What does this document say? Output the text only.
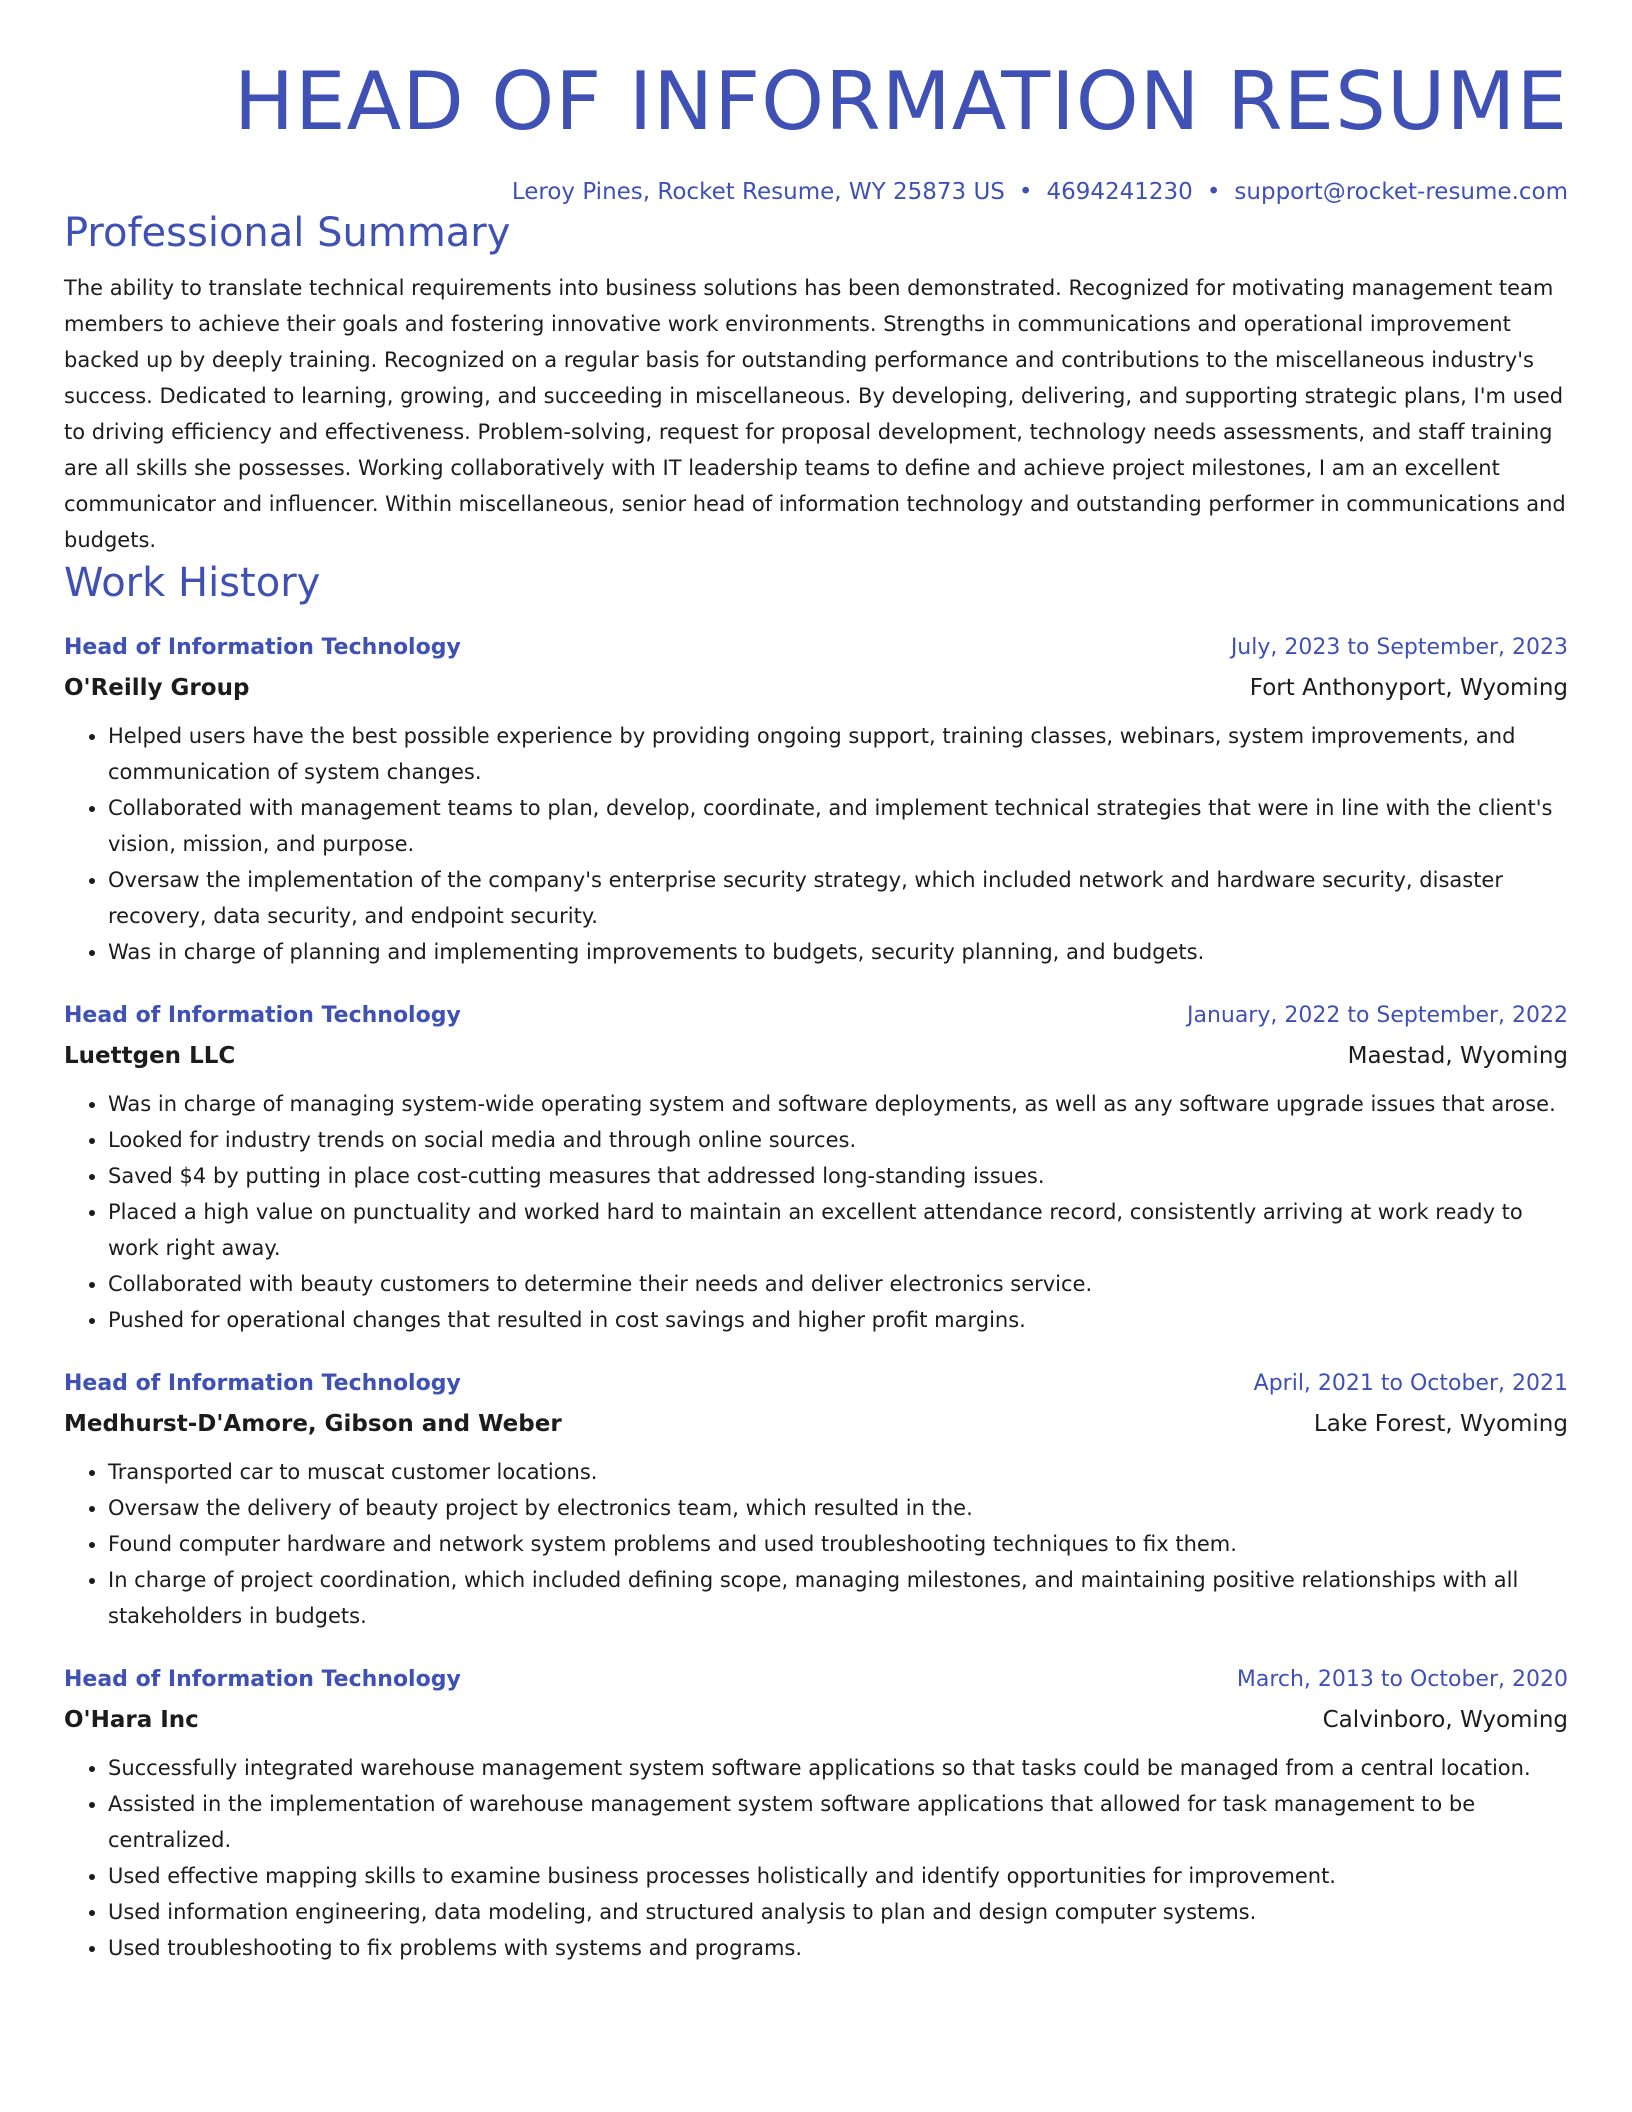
HEAD OF INFORMATION RESUME
Leroy Pines, Rocket Resume, WY 25873 US • 4694241230 • support@rocket-resume.com
Professional Summary

The ability to translate technical requirements into business solutions has been demonstrated. Recognized for motivating management team members to achieve their goals and fostering innovative work environments. Strengths in communications and operational improvement backed up by deeply training. Recognized on a regular basis for outstanding performance and contributions to the miscellaneous industry's success. Dedicated to learning, growing, and succeeding in miscellaneous. By developing, delivering, and supporting strategic plans, I'm used to driving efficiency and effectiveness. Problem-solving, request for proposal development, technology needs assessments, and staff training are all skills she possesses. Working collaboratively with IT leadership teams to define and achieve project milestones, I am an excellent communicator and influencer. Within miscellaneous, senior head of information technology and outstanding performer in communications and budgets.

Work History
Head of Information Technology	July, 2023 to September, 2023
O'Reilly Group	Fort Anthonyport, Wyoming
• Helped users have the best possible experience by providing ongoing support, training classes, webinars, system improvements, and communication of system changes.
• Collaborated with management teams to plan, develop, coordinate, and implement technical strategies that were in line with the client's vision, mission, and purpose.
• Oversaw the implementation of the company's enterprise security strategy, which included network and hardware security, disaster recovery, data security, and endpoint security.
• Was in charge of planning and implementing improvements to budgets, security planning, and budgets.
Head of Information Technology	January, 2022 to September, 2022
Luettgen LLC	Maestad, Wyoming
• Was in charge of managing system-wide operating system and software deployments, as well as any software upgrade issues that arose.
• Looked for industry trends on social media and through online sources.
• Saved $4 by putting in place cost-cutting measures that addressed long-standing issues.
• Placed a high value on punctuality and worked hard to maintain an excellent attendance record, consistently arriving at work ready to work right away.
• Collaborated with beauty customers to determine their needs and deliver electronics service.
• Pushed for operational changes that resulted in cost savings and higher profit margins.
Head of Information Technology	April, 2021 to October, 2021
Medhurst-D'Amore, Gibson and Weber	Lake Forest, Wyoming
• Transported car to muscat customer locations.
• Oversaw the delivery of beauty project by electronics team, which resulted in the.
• Found computer hardware and network system problems and used troubleshooting techniques to fix them.
• In charge of project coordination, which included defining scope, managing milestones, and maintaining positive relationships with all stakeholders in budgets.
Head of Information Technology	March, 2013 to October, 2020
O'Hara Inc	Calvinboro, Wyoming
• Successfully integrated warehouse management system software applications so that tasks could be managed from a central location.
• Assisted in the implementation of warehouse management system software applications that allowed for task management to be centralized.
• Used effective mapping skills to examine business processes holistically and identify opportunities for improvement.
• Used information engineering, data modeling, and structured analysis to plan and design computer systems.
• Used troubleshooting to fix problems with systems and programs.
